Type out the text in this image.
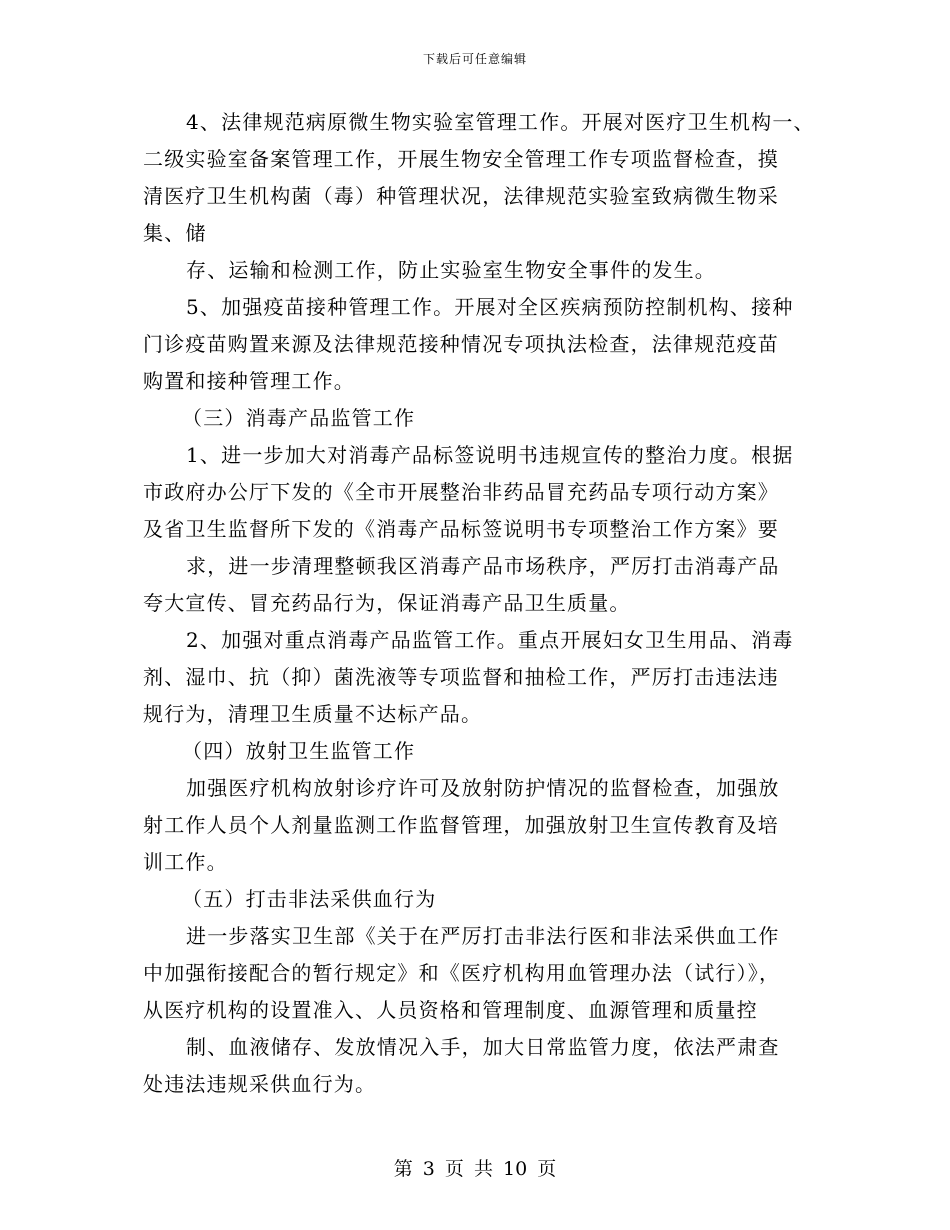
下载后可任意编辑
4、法律规范病原微生物实验室管理工作。开展对医疗卫生机构一、
二级实验室备案管理工作，开展生物安全管理工作专项监督检查，摸
清医疗卫生机构菌（毒）种管理状况，法律规范实验室致病微生物采
集、储
存、运输和检测工作，防止实验室生物安全事件的发生。
5、加强疫苗接种管理工作。开展对全区疾病预防控制机构、接种
门诊疫苗购置来源及法律规范接种情况专项执法检查，法律规范疫苗
购置和接种管理工作。
（三）消毒产品监管工作
1、进一步加大对消毒产品标签说明书违规宣传的整治力度。根据
市政府办公厅下发的《全市开展整治非药品冒充药品专项行动方案》
及省卫生监督所下发的《消毒产品标签说明书专项整治工作方案》要
求，进一步清理整顿我区消毒产品市场秩序，严厉打击消毒产品
夸大宣传、冒充药品行为，保证消毒产品卫生质量。
2、加强对重点消毒产品监管工作。重点开展妇女卫生用品、消毒
剂、湿巾、抗（抑）菌洗液等专项监督和抽检工作，严厉打击违法违
规行为，清理卫生质量不达标产品。
（四）放射卫生监管工作
加强医疗机构放射诊疗许可及放射防护情况的监督检查，加强放
射工作人员个人剂量监测工作监督管理，加强放射卫生宣传教育及培
训工作。
（五）打击非法采供血行为
进一步落实卫生部《关于在严厉打击非法行医和非法采供血工作
中加强衔接配合的暂行规定》和《医疗机构用血管理办法（试行）》，
从医疗机构的设置准入、人员资格和管理制度、血源管理和质量控
制、血液储存、发放情况入手，加大日常监管力度，依法严肃查
处违法违规采供血行为。
第 3 页 共 10 页
